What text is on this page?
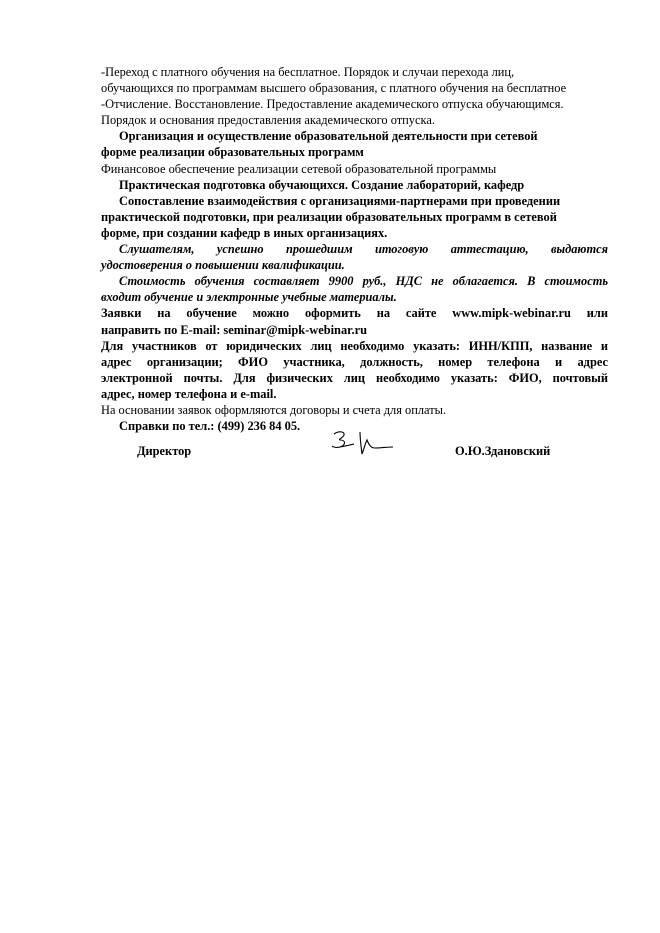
-Переход с платного обучения на бесплатное. Порядок и случаи перехода лиц,
обучающихся по программам высшего образования, с платного обучения на бесплатное
-Отчисление. Восстановление. Предоставление академического отпуска обучающимся.
Порядок и основания предоставления академического отпуска.
Организация и осуществление образовательной деятельности при сетевой
форме реализации образовательных программ
Финансовое обеспечение реализации сетевой образовательной программы
Практическая подготовка обучающихся. Создание лабораторий, кафедр
Сопоставление взаимодействия с организациями-партнерами при проведении
практической подготовки, при реализации образовательных программ в сетевой
форме, при создании кафедр в иных организациях.
Слушателям, успешно прошедшим итоговую аттестацию, выдаются
удостоверения о повышении квалификации.
Стоимость обучения составляет 9900 руб., НДС не облагается. В стоимость
входит обучение и электронные учебные материалы.
Заявки на обучение можно оформить на сайте www.mipk-webinar.ru или
направить по E-mail: seminar@mipk-webinar.ru
Для участников от юридических лиц необходимо указать: ИНН/КПП, название и
адрес организации; ФИО участника, должность, номер телефона и адрес
электронной почты. Для физических лиц необходимо указать: ФИО, почтовый
адрес, номер телефона и e-mail.
На основании заявок оформляются договоры и счета для оплаты.
Справки по тел.: (499) 236 84 05.
Директор	О.Ю.Здановский
